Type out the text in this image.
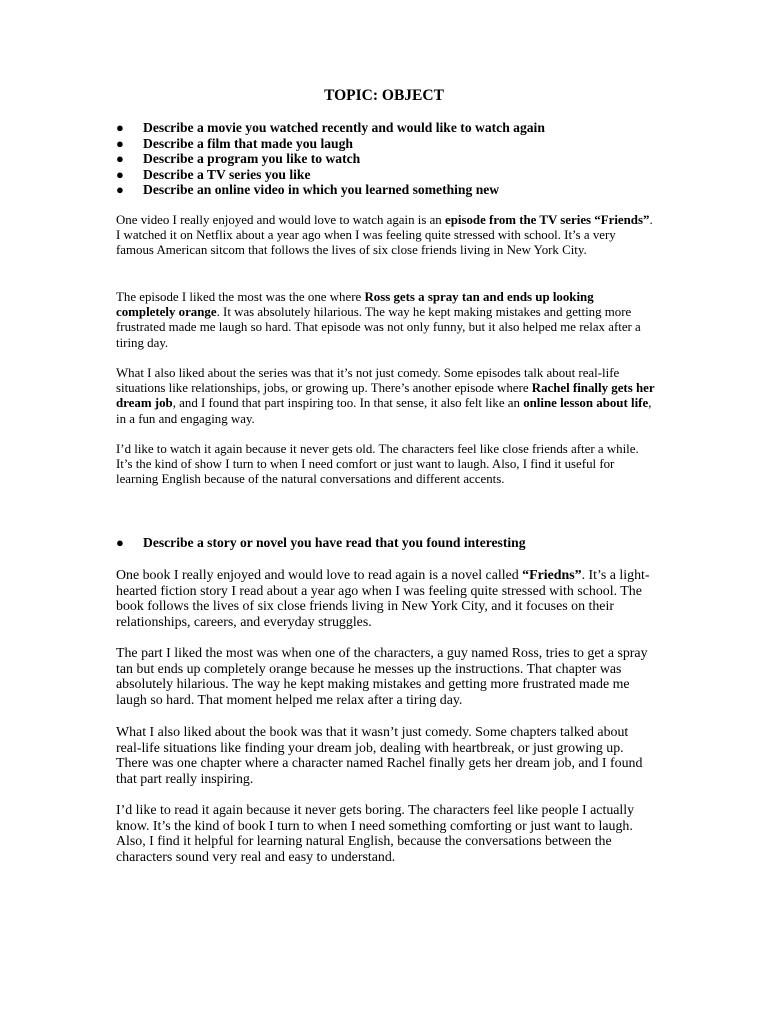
TOPIC: OBJECT
● Describe a movie you watched recently and would like to watch again
● Describe a film that made you laugh
● Describe a program you like to watch
● Describe a TV series you like
● Describe an online video in which you learned something new

One video I really enjoyed and would love to watch again is an episode from the TV series “Friends”. I watched it on Netflix about a year ago when I was feeling quite stressed with school. It’s a very famous American sitcom that follows the lives of six close friends living in New York City.

The episode I liked the most was the one where Ross gets a spray tan and ends up looking completely orange. It was absolutely hilarious. The way he kept making mistakes and getting more frustrated made me laugh so hard. That episode was not only funny, but it also helped me relax after a tiring day.

What I also liked about the series was that it’s not just comedy. Some episodes talk about real-life situations like relationships, jobs, or growing up. There’s another episode where Rachel finally gets her dream job, and I found that part inspiring too. In that sense, it also felt like an online lesson about life, in a fun and engaging way.

I’d like to watch it again because it never gets old. The characters feel like close friends after a while. It’s the kind of show I turn to when I need comfort or just want to laugh. Also, I find it useful for learning English because of the natural conversations and different accents.

● Describe a story or novel you have read that you found interesting

One book I really enjoyed and would love to read again is a novel called “Friedns”. It’s a light-hearted fiction story I read about a year ago when I was feeling quite stressed with school. The book follows the lives of six close friends living in New York City, and it focuses on their relationships, careers, and everyday struggles.

The part I liked the most was when one of the characters, a guy named Ross, tries to get a spray tan but ends up completely orange because he messes up the instructions. That chapter was absolutely hilarious. The way he kept making mistakes and getting more frustrated made me laugh so hard. That moment helped me relax after a tiring day.

What I also liked about the book was that it wasn’t just comedy. Some chapters talked about real-life situations like finding your dream job, dealing with heartbreak, or just growing up. There was one chapter where a character named Rachel finally gets her dream job, and I found that part really inspiring.

I’d like to read it again because it never gets boring. The characters feel like people I actually know. It’s the kind of book I turn to when I need something comforting or just want to laugh. Also, I find it helpful for learning natural English, because the conversations between the characters sound very real and easy to understand.
